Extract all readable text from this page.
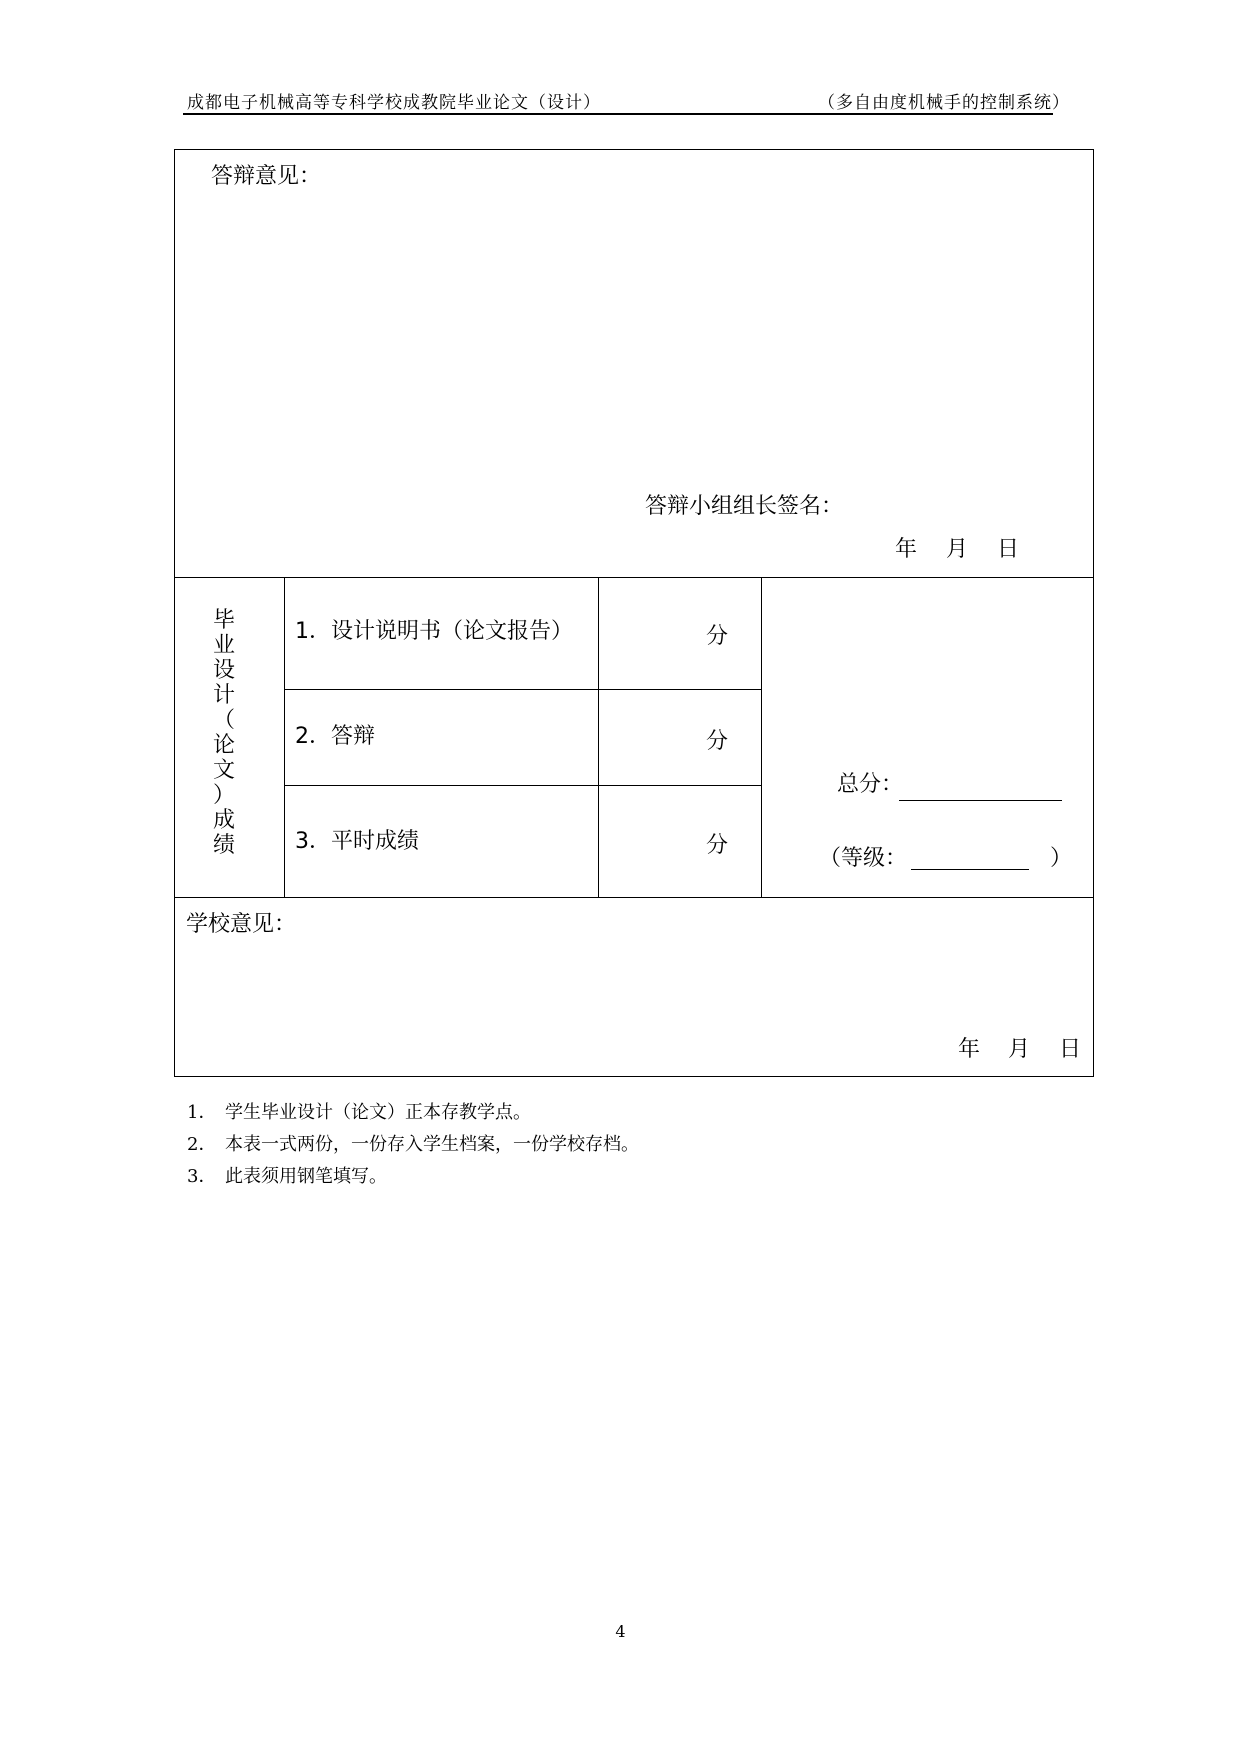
成都电子机械高等专科学校成教院毕业论文（设计）	（多自由度机械手的控制系统）
答辩意见：
答辩小组组长签名：
年 月 日
毕
业
设
计
（
论
文
）
成
绩
1．设计说明书（论文报告）	分
2．答辩	分
3．平时成绩	分
总分：
（等级：	）
学校意见：
年 月 日
1． 学生毕业设计（论文）正本存教学点。
2． 本表一式两份，一份存入学生档案，一份学校存档。
3． 此表须用钢笔填写。
4
